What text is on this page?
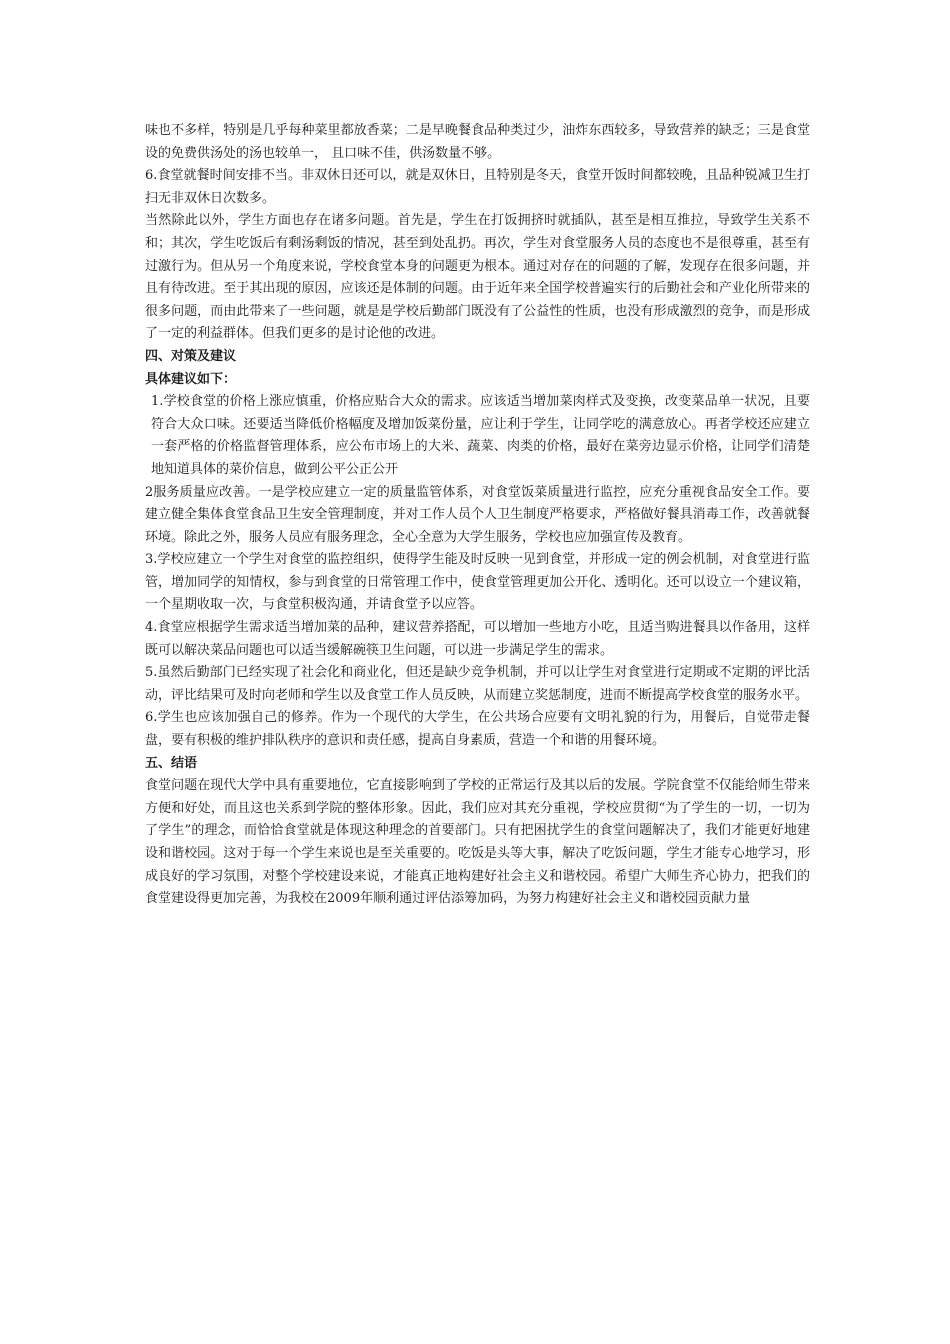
味也不多样，特别是几乎每种菜里都放香菜；二是早晚餐食品种类过少，油炸东西较多，导致营养的缺乏；三是食堂设的免费供汤处的汤也较单一， 且口味不佳，供汤数量不够。

6.食堂就餐时间安排不当。非双休日还可以，就是双休日，且特别是冬天，食堂开饭时间都较晚，且品种锐减卫生打扫无非双休日次数多。

当然除此以外，学生方面也存在诸多问题。首先是，学生在打饭拥挤时就插队，甚至是相互推拉，导致学生关系不和；其次，学生吃饭后有剩汤剩饭的情况，甚至到处乱扔。再次，学生对食堂服务人员的态度也不是很尊重，甚至有过激行为。但从另一个角度来说，学校食堂本身的问题更为根本。通过对存在的问题的了解，发现存在很多问题，并且有待改进。至于其出现的原因，应该还是体制的问题。由于近年来全国学校普遍实行的后勤社会和产业化所带来的很多问题，而由此带来了一些问题，就是是学校后勤部门既没有了公益性的性质，也没有形成激烈的竞争，而是形成了一定的利益群体。但我们更多的是讨论他的改进。

四、对策及建议

具体建议如下：

1.学校食堂的价格上涨应慎重，价格应贴合大众的需求。应该适当增加菜肉样式及变换，改变菜品单一状况，且要符合大众口味。还要适当降低价格幅度及增加饭菜份量，应让利于学生，让同学吃的满意放心。再者学校还应建立一套严格的价格监督管理体系，应公布市场上的大米、蔬菜、肉类的价格，最好在菜旁边显示价格，让同学们清楚地知道具体的菜价信息，做到公平公正公开

2服务质量应改善。一是学校应建立一定的质量监管体系，对食堂饭菜质量进行监控，应充分重视食品安全工作。要建立健全集体食堂食品卫生安全管理制度，并对工作人员个人卫生制度严格要求，严格做好餐具消毒工作，改善就餐环境。除此之外，服务人员应有服务理念，全心全意为大学生服务，学校也应加强宣传及教育。

3.学校应建立一个学生对食堂的监控组织，使得学生能及时反映一见到食堂，并形成一定的例会机制，对食堂进行监管，增加同学的知情权，参与到食堂的日常管理工作中，使食堂管理更加公开化、透明化。还可以设立一个建议箱，一个星期收取一次，与食堂积极沟通，并请食堂予以应答。

4.食堂应根据学生需求适当增加菜的品种，建议营养搭配，可以增加一些地方小吃，且适当购进餐具以作备用，这样既可以解决菜品问题也可以适当缓解碗筷卫生问题，可以进一步满足学生的需求。

5.虽然后勤部门已经实现了社会化和商业化，但还是缺少竞争机制，并可以让学生对食堂进行定期或不定期的评比活动，评比结果可及时向老师和学生以及食堂工作人员反映，从而建立奖惩制度，进而不断提高学校食堂的服务水平。

6.学生也应该加强自己的修养。作为一个现代的大学生，在公共场合应要有文明礼貌的行为，用餐后，自觉带走餐盘，要有积极的维护排队秩序的意识和责任感，提高自身素质，营造一个和谐的用餐环境。

五、结语

食堂问题在现代大学中具有重要地位，它直接影响到了学校的正常运行及其以后的发展。学院食堂不仅能给师生带来方便和好处，而且这也关系到学院的整体形象。因此，我们应对其充分重视，学校应贯彻“为了学生的一切，一切为了学生”的理念，而恰恰食堂就是体现这种理念的首要部门。只有把困扰学生的食堂问题解决了，我们才能更好地建设和谐校园。这对于每一个学生来说也是至关重要的。吃饭是头等大事，解决了吃饭问题，学生才能专心地学习，形成良好的学习氛围，对整个学校建设来说，才能真正地构建好社会主义和谐校园。希望广大师生齐心协力，把我们的食堂建设得更加完善，为我校在2009年顺利通过评估添筹加码，为努力构建好社会主义和谐校园贡献力量
